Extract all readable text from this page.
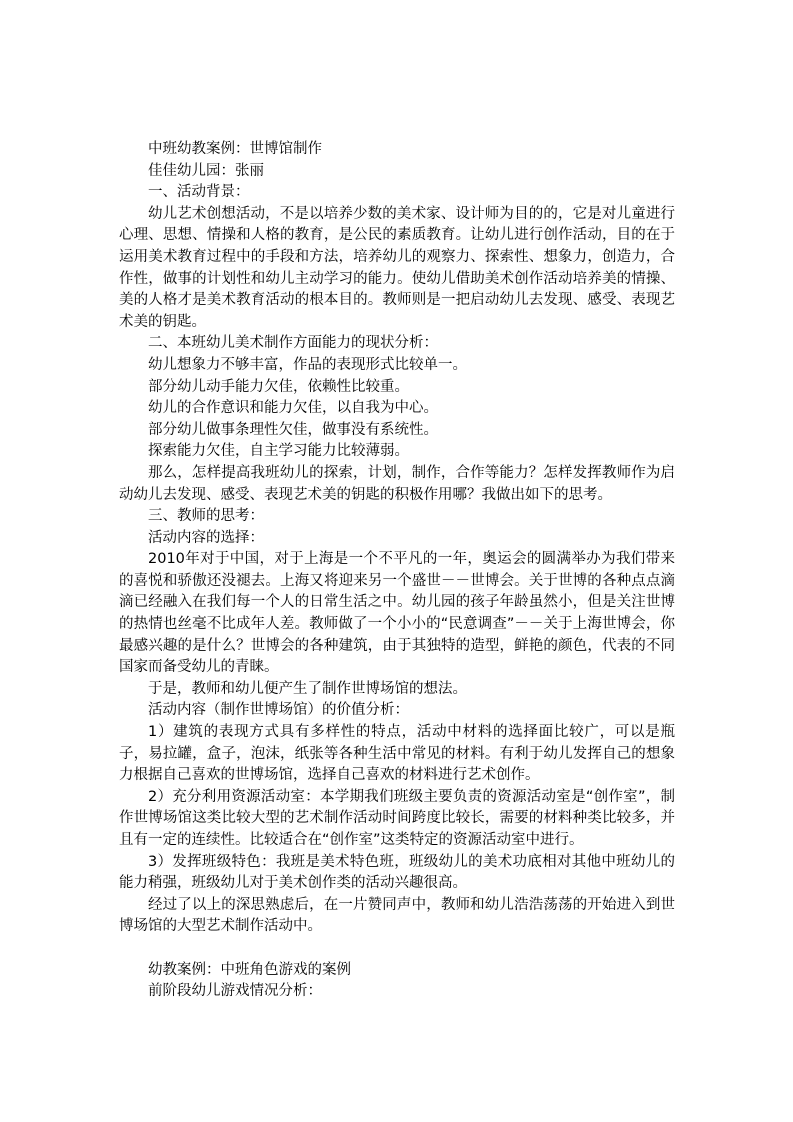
中班幼教案例：世博馆制作

佳佳幼儿园：张丽

一、活动背景：

幼儿艺术创想活动，不是以培养少数的美术家、设计师为目的的，它是对儿童进行心理、思想、情操和人格的教育，是公民的素质教育。让幼儿进行创作活动，目的在于运用美术教育过程中的手段和方法，培养幼儿的观察力、探索性、想象力，创造力，合作性，做事的计划性和幼儿主动学习的能力。使幼儿借助美术创作活动培养美的情操、美的人格才是美术教育活动的根本目的。教师则是一把启动幼儿去发现、感受、表现艺术美的钥匙。

二、本班幼儿美术制作方面能力的现状分析：

幼儿想象力不够丰富，作品的表现形式比较单一。

部分幼儿动手能力欠佳，依赖性比较重。

幼儿的合作意识和能力欠佳，以自我为中心。

部分幼儿做事条理性欠佳，做事没有系统性。

探索能力欠佳，自主学习能力比较薄弱。

那么，怎样提高我班幼儿的探索，计划，制作，合作等能力？怎样发挥教师作为启动幼儿去发现、感受、表现艺术美的钥匙的积极作用哪？我做出如下的思考。

三、教师的思考：

活动内容的选择：

2010年对于中国，对于上海是一个不平凡的一年，奥运会的圆满举办为我们带来的喜悦和骄傲还没褪去。上海又将迎来另一个盛世－－世博会。关于世博的各种点点滴滴已经融入在我们每一个人的日常生活之中。幼儿园的孩子年龄虽然小，但是关注世博的热情也丝毫不比成年人差。教师做了一个小小的“民意调查”－－关于上海世博会，你最感兴趣的是什么？世博会的各种建筑，由于其独特的造型，鲜艳的颜色，代表的不同国家而备受幼儿的青睐。

于是，教师和幼儿便产生了制作世博场馆的想法。

活动内容（制作世博场馆）的价值分析：

1）建筑的表现方式具有多样性的特点，活动中材料的选择面比较广，可以是瓶子，易拉罐，盒子，泡沫，纸张等各种生活中常见的材料。有利于幼儿发挥自己的想象力根据自己喜欢的世博场馆，选择自己喜欢的材料进行艺术创作。

2）充分利用资源活动室：本学期我们班级主要负责的资源活动室是“创作室”，制作世博场馆这类比较大型的艺术制作活动时间跨度比较长，需要的材料种类比较多，并且有一定的连续性。比较适合在“创作室”这类特定的资源活动室中进行。

3）发挥班级特色：我班是美术特色班，班级幼儿的美术功底相对其他中班幼儿的能力稍强，班级幼儿对于美术创作类的活动兴趣很高。

经过了以上的深思熟虑后，在一片赞同声中，教师和幼儿浩浩荡荡的开始进入到世博场馆的大型艺术制作活动中。

幼教案例：中班角色游戏的案例

前阶段幼儿游戏情况分析：
